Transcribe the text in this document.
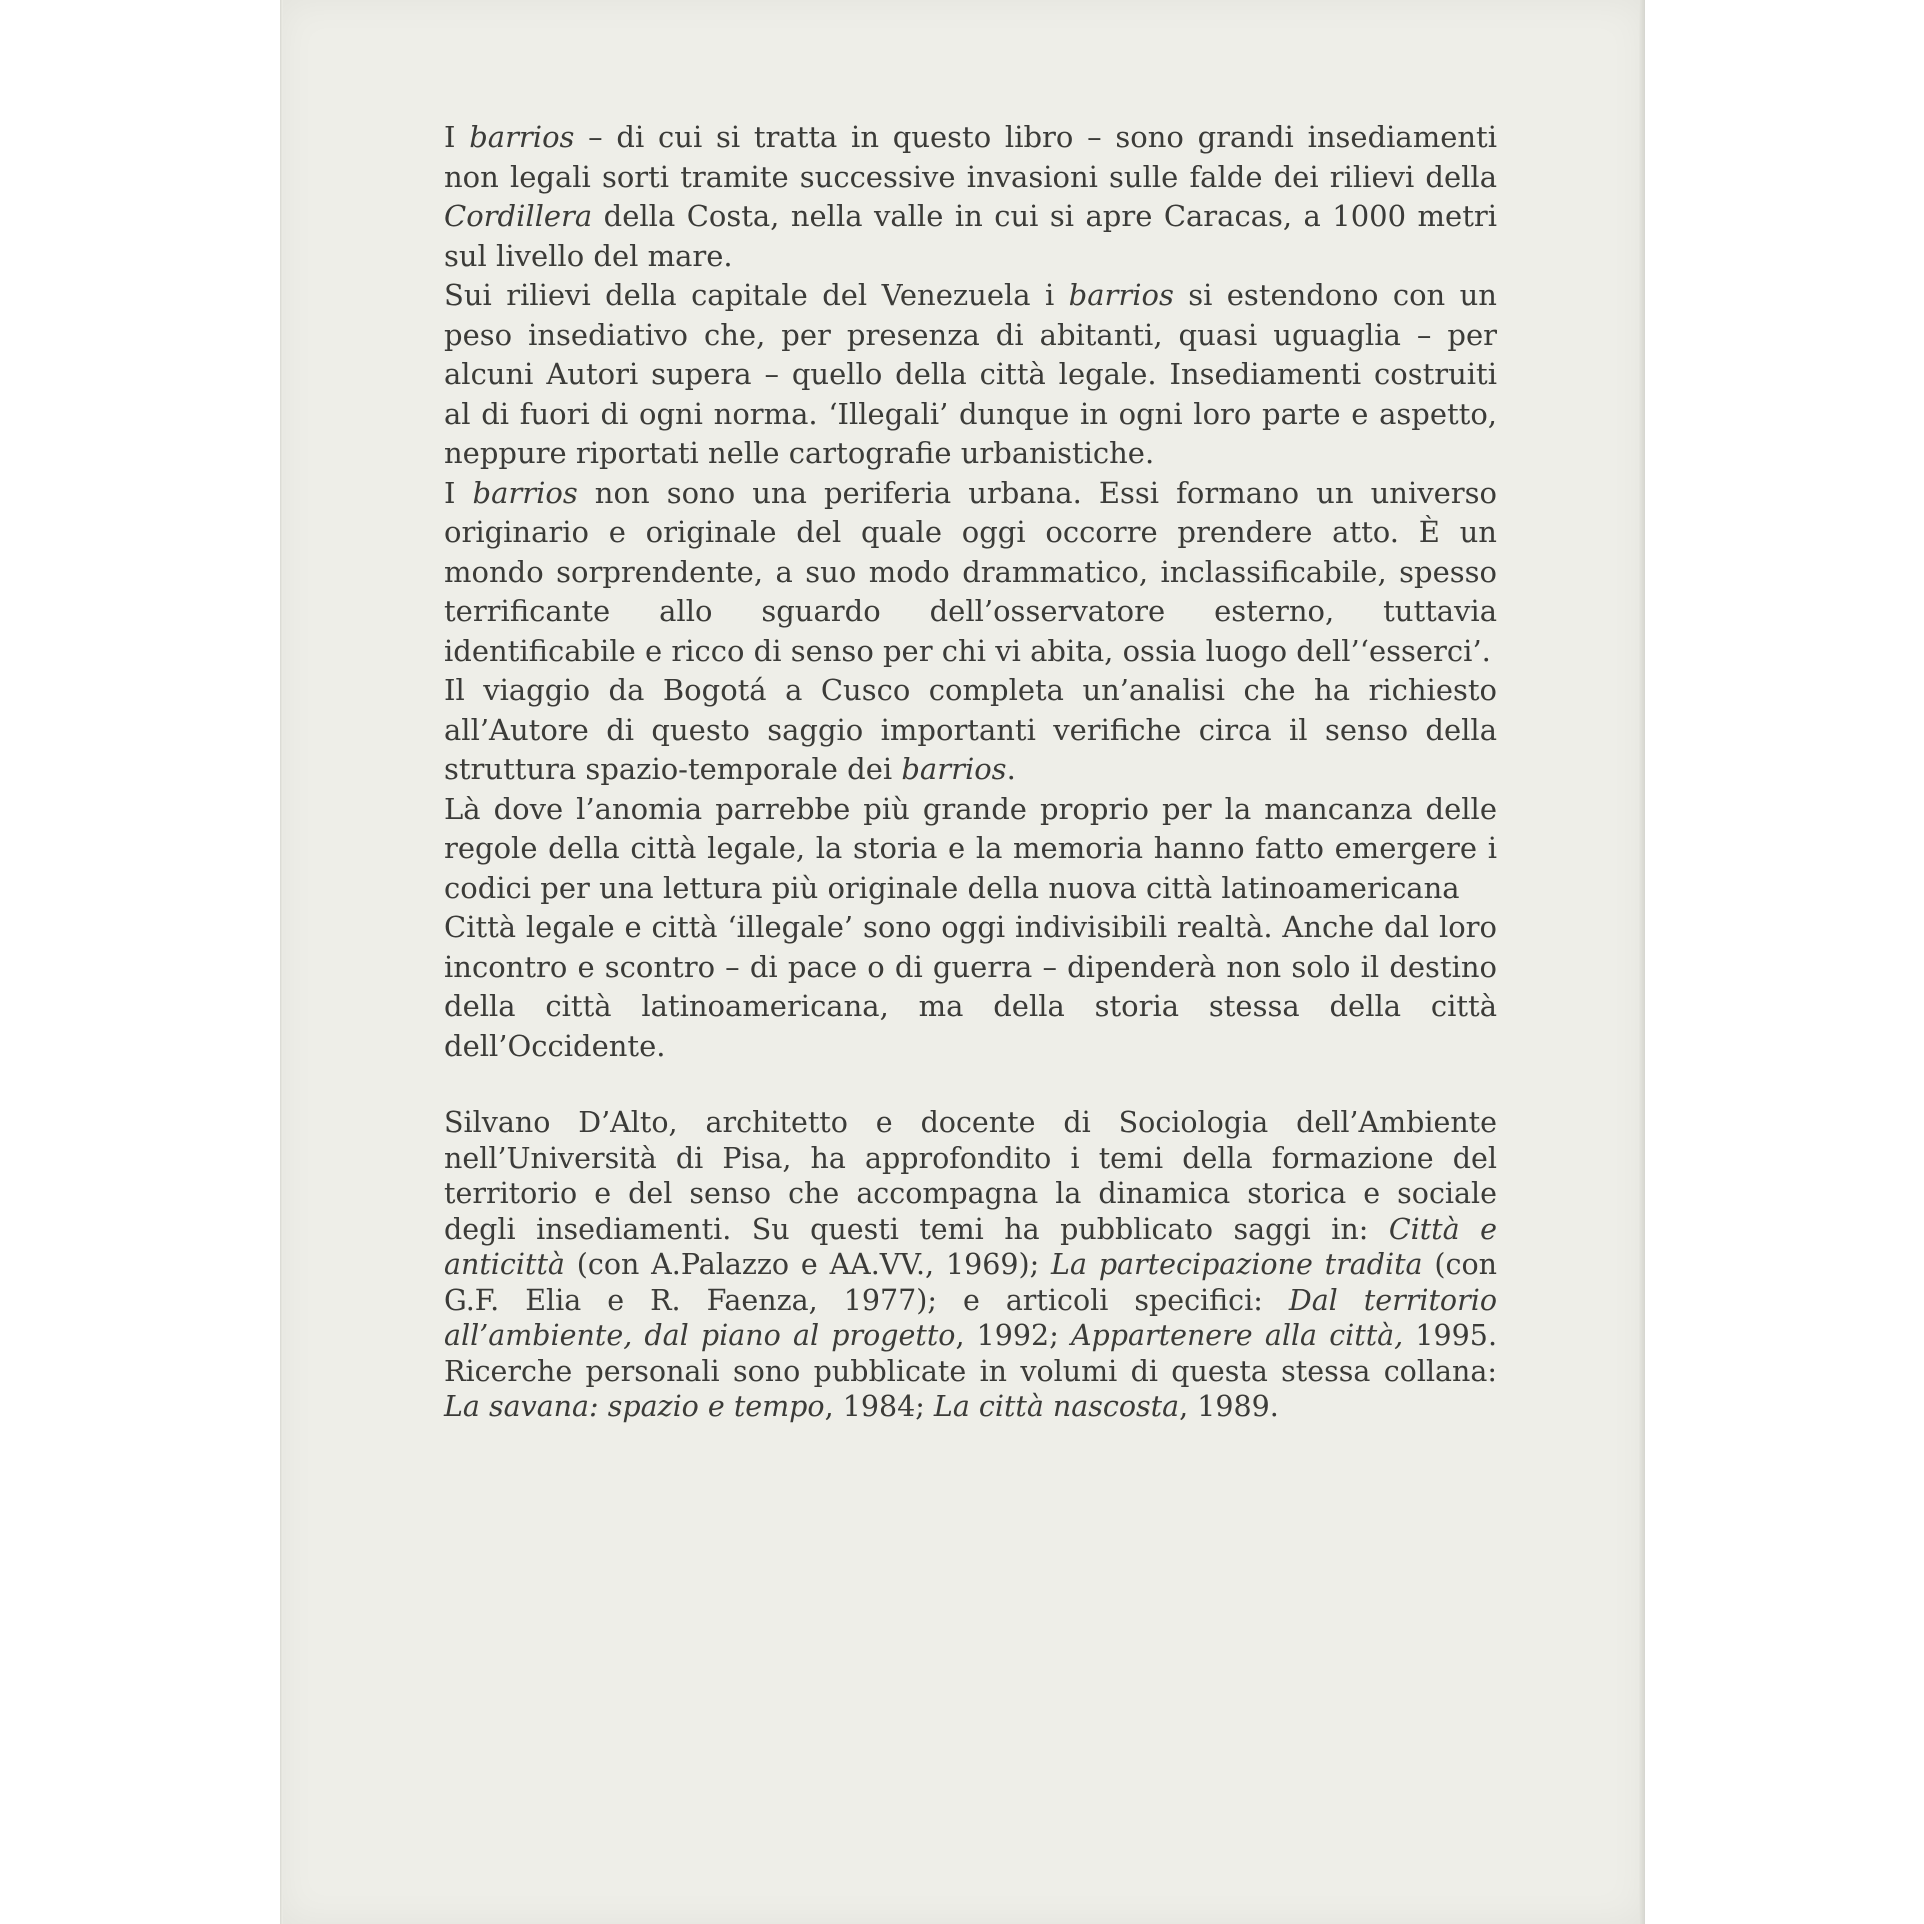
I barrios – di cui si tratta in questo libro – sono grandi insediamenti non legali sorti tramite successive invasioni sulle falde dei rilievi della Cordillera della Costa, nella valle in cui si apre Caracas, a 1000 metri sul livello del mare.

Sui rilievi della capitale del Venezuela i barrios si estendono con un peso insediativo che, per presenza di abitanti, quasi uguaglia – per alcuni Autori supera – quello della città legale. Insediamenti costruiti al di fuori di ogni norma. ‘Illegali’ dunque in ogni loro parte e aspetto, neppure riportati nelle cartografie urbanistiche.

I barrios non sono una periferia urbana. Essi formano un universo originario e originale del quale oggi occorre prendere atto. È un mondo sorprendente, a suo modo drammatico, inclassificabile, spesso terrificante allo sguardo dell’osservatore esterno, tuttavia identificabile e ricco di senso per chi vi abita, ossia luogo dell’‘esserci’.

Il viaggio da Bogotá a Cusco completa un’analisi che ha richiesto all’Autore di questo saggio importanti verifiche circa il senso della struttura spazio-temporale dei barrios.

Là dove l’anomia parrebbe più grande proprio per la mancanza delle regole della città legale, la storia e la memoria hanno fatto emergere i codici per una lettura più originale della nuova città latinoamericana

Città legale e città ‘illegale’ sono oggi indivisibili realtà. Anche dal loro incontro e scontro – di pace o di guerra – dipenderà non solo il destino della città latinoamericana, ma della storia stessa della città dell’Occidente.

Silvano D’Alto, architetto e docente di Sociologia dell’Ambiente nell’Università di Pisa, ha approfondito i temi della formazione del territorio e del senso che accompagna la dinamica storica e sociale degli insediamenti. Su questi temi ha pubblicato saggi in: Città e anticittà (con A.Palazzo e AA.VV., 1969); La partecipazione tradita (con G.F. Elia e R. Faenza, 1977); e articoli specifici: Dal territorio all’ambiente, dal piano al progetto, 1992; Appartenere alla città, 1995. Ricerche personali sono pubblicate in volumi di questa stessa collana: La savana: spazio e tempo, 1984; La città nascosta, 1989.
